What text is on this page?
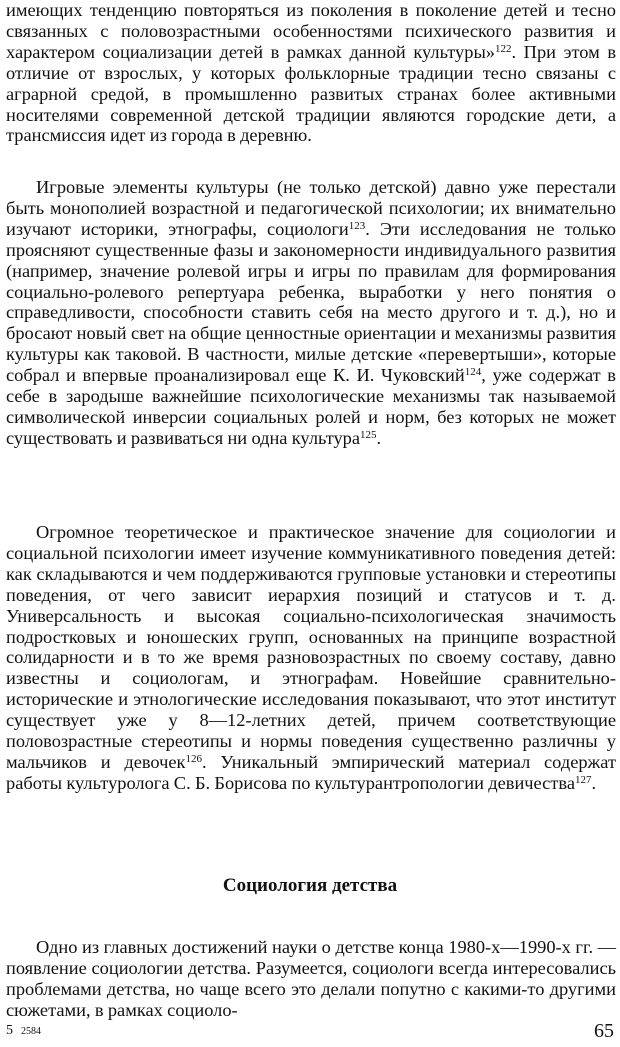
имеющих тенденцию повторяться из поколения в поколение детей и тесно связанных с половозрастными особенностями психического развития и характером социализации детей в рамках данной культуры»$^{122}$. При этом в отличие от взрослых, у которых фольклорные традиции тесно связаны с аграрной средой, в промышленно развитых странах более активными носителями современной детской традиции являются городские дети, а трансмиссия идет из города в деревню.

Игровые элементы культуры (не только детской) давно уже перестали быть монополией возрастной и педагогической психологии; их внимательно изучают историки, этнографы, социологи$^{123}$. Эти исследования не только проясняют существенные фазы и закономерности индивидуального развития (например, значение ролевой игры и игры по правилам для формирования социально-ролевого репертуара ребенка, выработки у него понятия о справедливости, способности ставить себя на место другого и т. д.), но и бросают новый свет на общие ценностные ориентации и механизмы развития культуры как таковой. В частности, милые детские «перевертыши», которые собрал и впервые проанализировал еще К. И. Чуковский$^{124}$, уже содержат в себе в зародыше важнейшие психологические механизмы так называемой символической инверсии социальных ролей и норм, без которых не может существовать и развиваться ни одна культура$^{125}$.

Огромное теоретическое и практическое значение для социологии и социальной психологии имеет изучение коммуникативного поведения детей: как складываются и чем поддерживаются групповые установки и стереотипы поведения, от чего зависит иерархия позиций и статусов и т. д. Универсальность и высокая социально-психологическая значимость подростковых и юношеских групп, основанных на принципе возрастной солидарности и в то же время разновозрастных по своему составу, давно известны и социологам, и этнографам. Новейшие сравнительно-исторические и этнологические исследования показывают, что этот институт существует уже у 8—12-летних детей, причем соответствующие половозрастные стереотипы и нормы поведения существенно различны у мальчиков и девочек$^{126}$. Уникальный эмпирический материал содержат работы культуролога С. Б. Борисова по культурантропологии девичества$^{127}$.

Социология детства

Одно из главных достижений науки о детстве конца 1980-х—1990-х гг. — появление социологии детства. Разумеется, социологи всегда интересовались проблемами детства, но чаще всего это делали попутно с какими-то другими сюжетами, в рамках социоло-

5 2584	65
